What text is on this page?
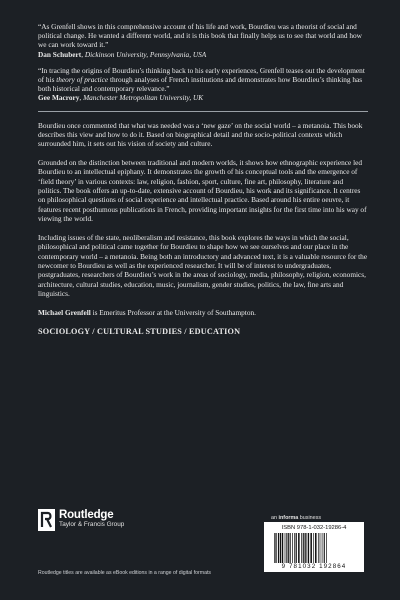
“As Grenfell shows in this comprehensive account of his life and work, Bourdieu was a theorist of social and political change. He wanted a different world, and it is this book that finally helps us to see that world and how we can work toward it.”
Dan Schubert, Dickinson University, Pennsylvania, USA

“In tracing the origins of Bourdieu’s thinking back to his early experiences, Grenfell teases out the development of his theory of practice through analyses of French institutions and demonstrates how Bourdieu’s thinking has both historical and contemporary relevance.”
Gee Macrory, Manchester Metropolitan University, UK

Bourdieu once commented that what was needed was a ‘new gaze’ on the social world – a metanoia. This book describes this view and how to do it. Based on biographical detail and the socio-political contexts which surrounded him, it sets out his vision of society and culture.

Grounded on the distinction between traditional and modern worlds, it shows how ethnographic experience led Bourdieu to an intellectual epiphany. It demonstrates the growth of his conceptual tools and the emergence of ‘field theory’ in various contexts: law, religion, fashion, sport, culture, fine art, philosophy, literature and politics. The book offers an up-to-date, extensive account of Bourdieu, his work and its significance. It centres on philosophical questions of social experience and intellectual practice. Based around his entire oeuvre, it features recent posthumous publications in French, providing important insights for the first time into his way of viewing the world.

Including issues of the state, neoliberalism and resistance, this book explores the ways in which the social, philosophical and political came together for Bourdieu to shape how we see ourselves and our place in the contemporary world – a metanoia. Being both an introductory and advanced text, it is a valuable resource for the newcomer to Bourdieu as well as the experienced researcher. It will be of interest to undergraduates, postgraduates, researchers of Bourdieu’s work in the areas of sociology, media, philosophy, religion, economics, architecture, cultural studies, education, music, journalism, gender studies, politics, the law, fine arts and linguistics.

Michael Grenfell is Emeritus Professor at the University of Southampton.

SOCIOLOGY / CULTURAL STUDIES / EDUCATION

Routledge
Taylor & Francis Group
Routledge titles are available as eBook editions in a range of digital formats
an informa business
ISBN 978-1-032-19286-4
9 781032 192864
